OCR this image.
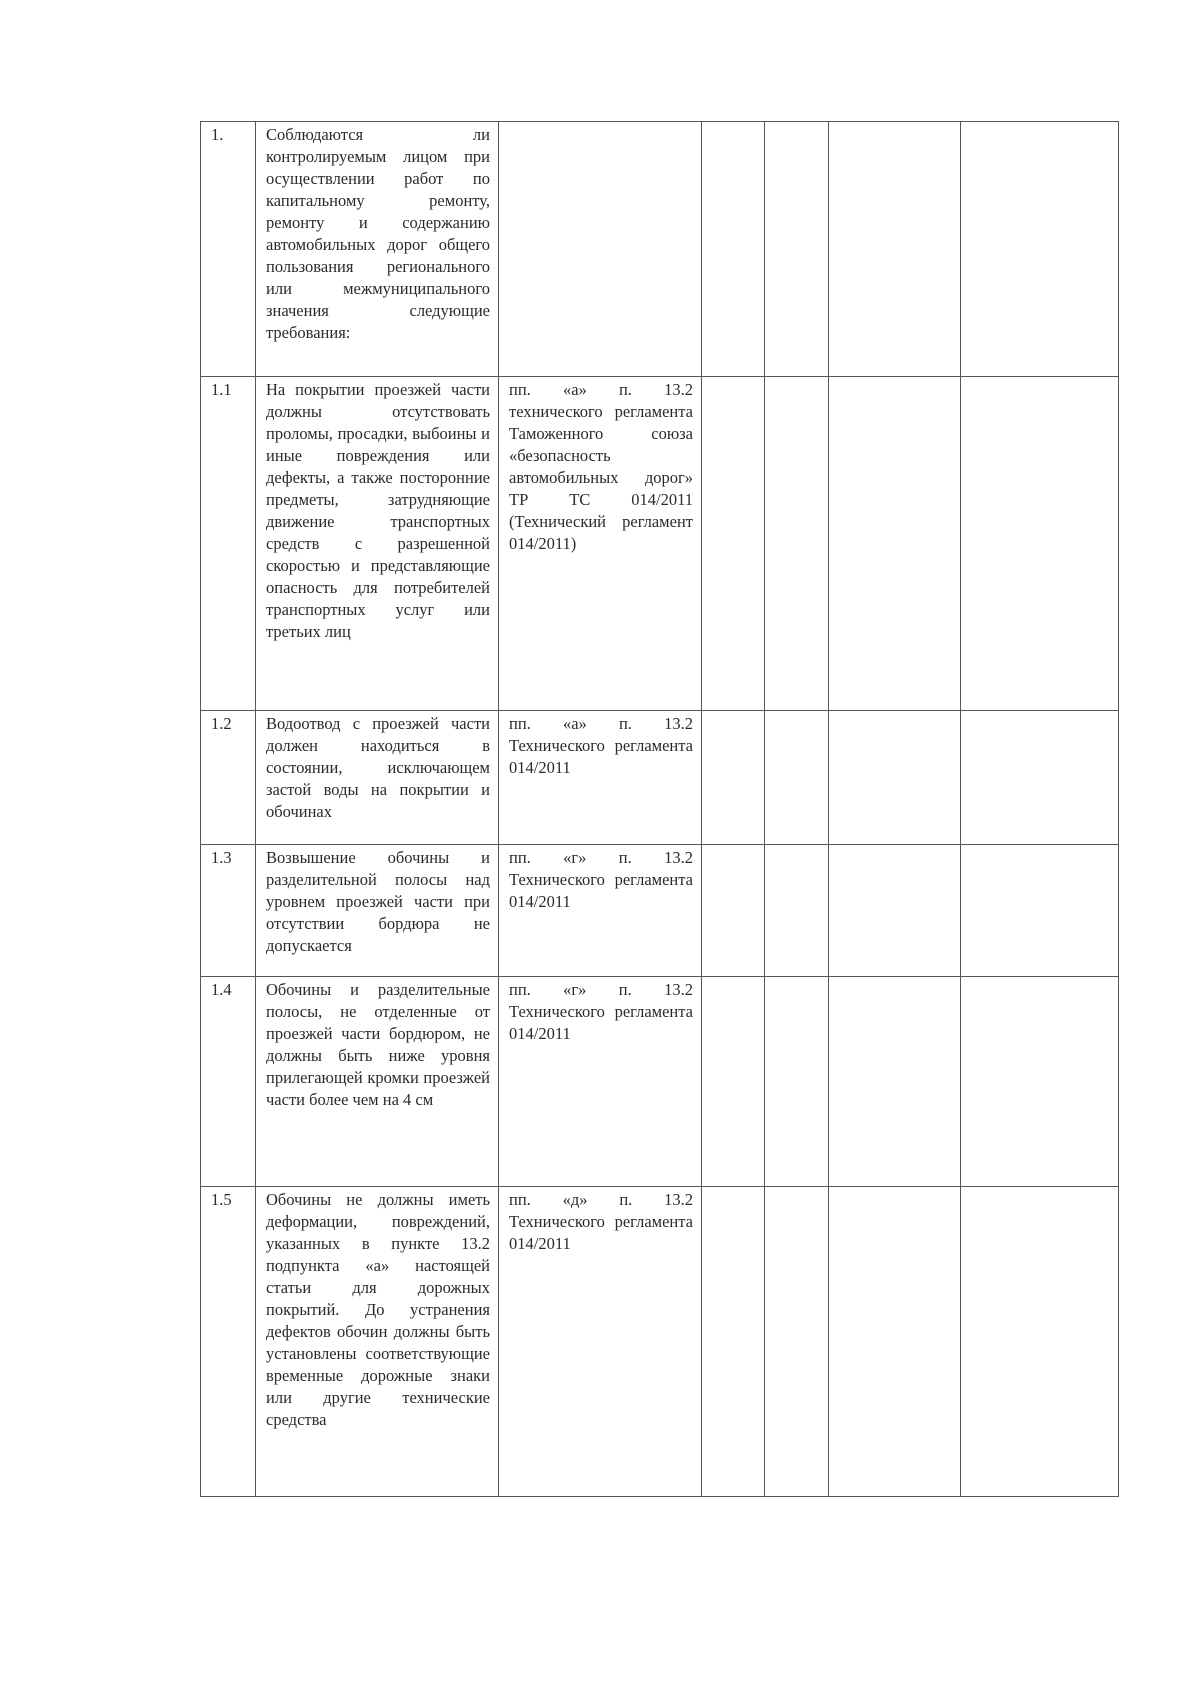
1.	Соблюдаются ли контролируемым лицом при осуществлении работ по капитальному ремонту, ремонту и содержанию автомобильных дорог общего пользования регионального или межмуниципального значения следующие требования:					
1.1	На покрытии проезжей части должны отсутствовать проломы, просадки, выбоины и иные повреждения или дефекты, а также посторонние предметы, затрудняющие движение транспортных средств с разрешенной скоростью и представляющие опасность для потребителей транспортных услуг или третьих лиц	пп. «а» п. 13.2 технического регламента Таможенного союза «безопасность автомобильных дорог» ТР ТС 014/2011 (Технический регламент 014/2011)				
1.2	Водоотвод с проезжей части должен находиться в состоянии, исключающем застой воды на покрытии и обочинах	пп. «а» п. 13.2 Технического регламента 014/2011				
1.3	Возвышение обочины и разделительной полосы над уровнем проезжей части при отсутствии бордюра не допускается	пп. «г» п. 13.2 Технического регламента 014/2011				
1.4	Обочины и разделительные полосы, не отделенные от проезжей части бордюром, не должны быть ниже уровня прилегающей кромки проезжей части более чем на 4 см	пп. «г» п. 13.2 Технического регламента 014/2011				
1.5	Обочины не должны иметь деформации, повреждений, указанных в пункте 13.2 подпункта «а» настоящей статьи для дорожных покрытий. До устранения дефектов обочин должны быть установлены соответствующие временные дорожные знаки или другие технические средства	пп. «д» п. 13.2 Технического регламента 014/2011				
